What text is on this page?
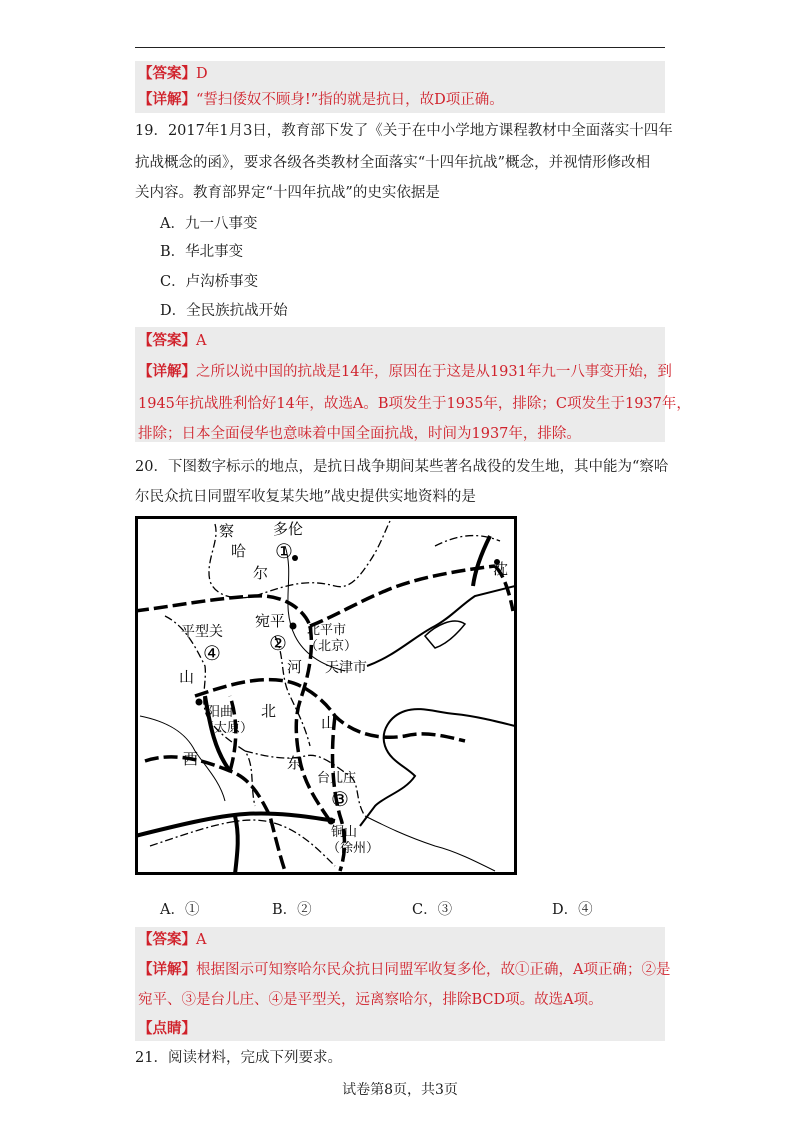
【答案】D
【详解】“誓扫倭奴不顾身!”指的就是抗日，故D项正确。
19．2017年1月3日，教育部下发了《关于在中小学地方课程教材中全面落实十四年
抗战概念的函》，要求各级各类教材全面落实“十四年抗战”概念，并视情形修改相
关内容。教育部界定“十四年抗战”的史实依据是
A．九一八事变
B．华北事变
C．卢沟桥事变
D．全民族抗战开始
【答案】A
【详解】之所以说中国的抗战是14年，原因在于这是从1931年九一八事变开始，到
1945年抗战胜利恰好14年，故选A。B项发生于1935年，排除；C项发生于1937年，
排除；日本全面侵华也意味着中国全面抗战，时间为1937年，排除。
20．下图数字标示的地点，是抗日战争期间某些著名战役的发生地，其中能为“察哈
尔民众抗日同盟军收复某失地”战史提供实地资料的是
察
哈
尔
多伦
①
沈
宛平
②
北平市
（北京）
平型关
④
天津市
山
河
北
阳曲
（太原）	山
西	东
台儿庄
③
铜山
（徐州）
A．①	B．②	C．③	D．④
【答案】A
【详解】根据图示可知察哈尔民众抗日同盟军收复多伦，故①正确，A项正确；②是
宛平、③是台儿庄、④是平型关，远离察哈尔，排除BCD项。故选A项。
【点睛】
21．阅读材料，完成下列要求。
试卷第8页，共3页
